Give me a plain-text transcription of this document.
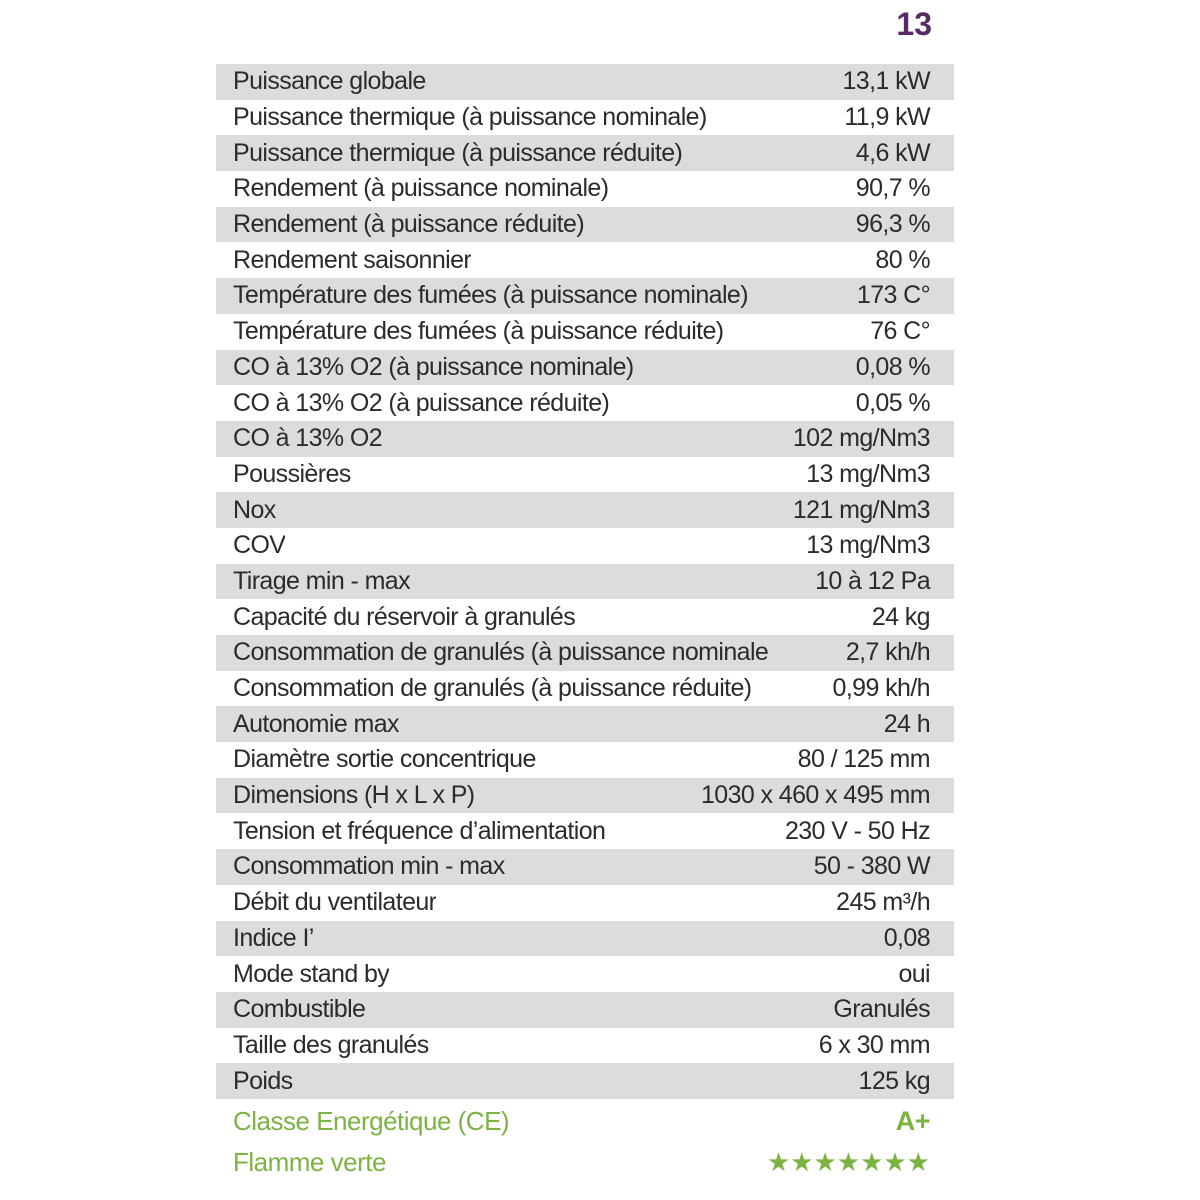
13
Puissance globale	13,1 kW
Puissance thermique (à puissance nominale)	11,9 kW
Puissance thermique (à puissance réduite)	4,6 kW
Rendement (à puissance nominale)	90,7 %
Rendement (à puissance réduite)	96,3 %
Rendement saisonnier	80 %
Température des fumées (à puissance nominale)	173 C°
Température des fumées (à puissance réduite)	76 C°
CO à 13% O2 (à puissance nominale)	0,08 %
CO à 13% O2 (à puissance réduite)	0,05 %
CO à 13% O2	102 mg/Nm3
Poussières	13 mg/Nm3
Nox	121 mg/Nm3
COV	13 mg/Nm3
Tirage min - max	10 à 12 Pa
Capacité du réservoir à granulés	24 kg
Consommation de granulés (à puissance nominale	2,7 kh/h
Consommation de granulés (à puissance réduite)	0,99 kh/h
Autonomie max	24 h
Diamètre sortie concentrique	80 / 125 mm
Dimensions (H x L x P)	1030 x 460 x 495 mm
Tension et fréquence d’alimentation	230 V - 50 Hz
Consommation min - max	50 - 380 W
Débit du ventilateur	245 m³/h
Indice I’	0,08
Mode stand by	oui
Combustible	Granulés
Taille des granulés	6 x 30 mm
Poids	125 kg
Classe Energétique (CE)	A+
Flamme verte	★★★★★★★
